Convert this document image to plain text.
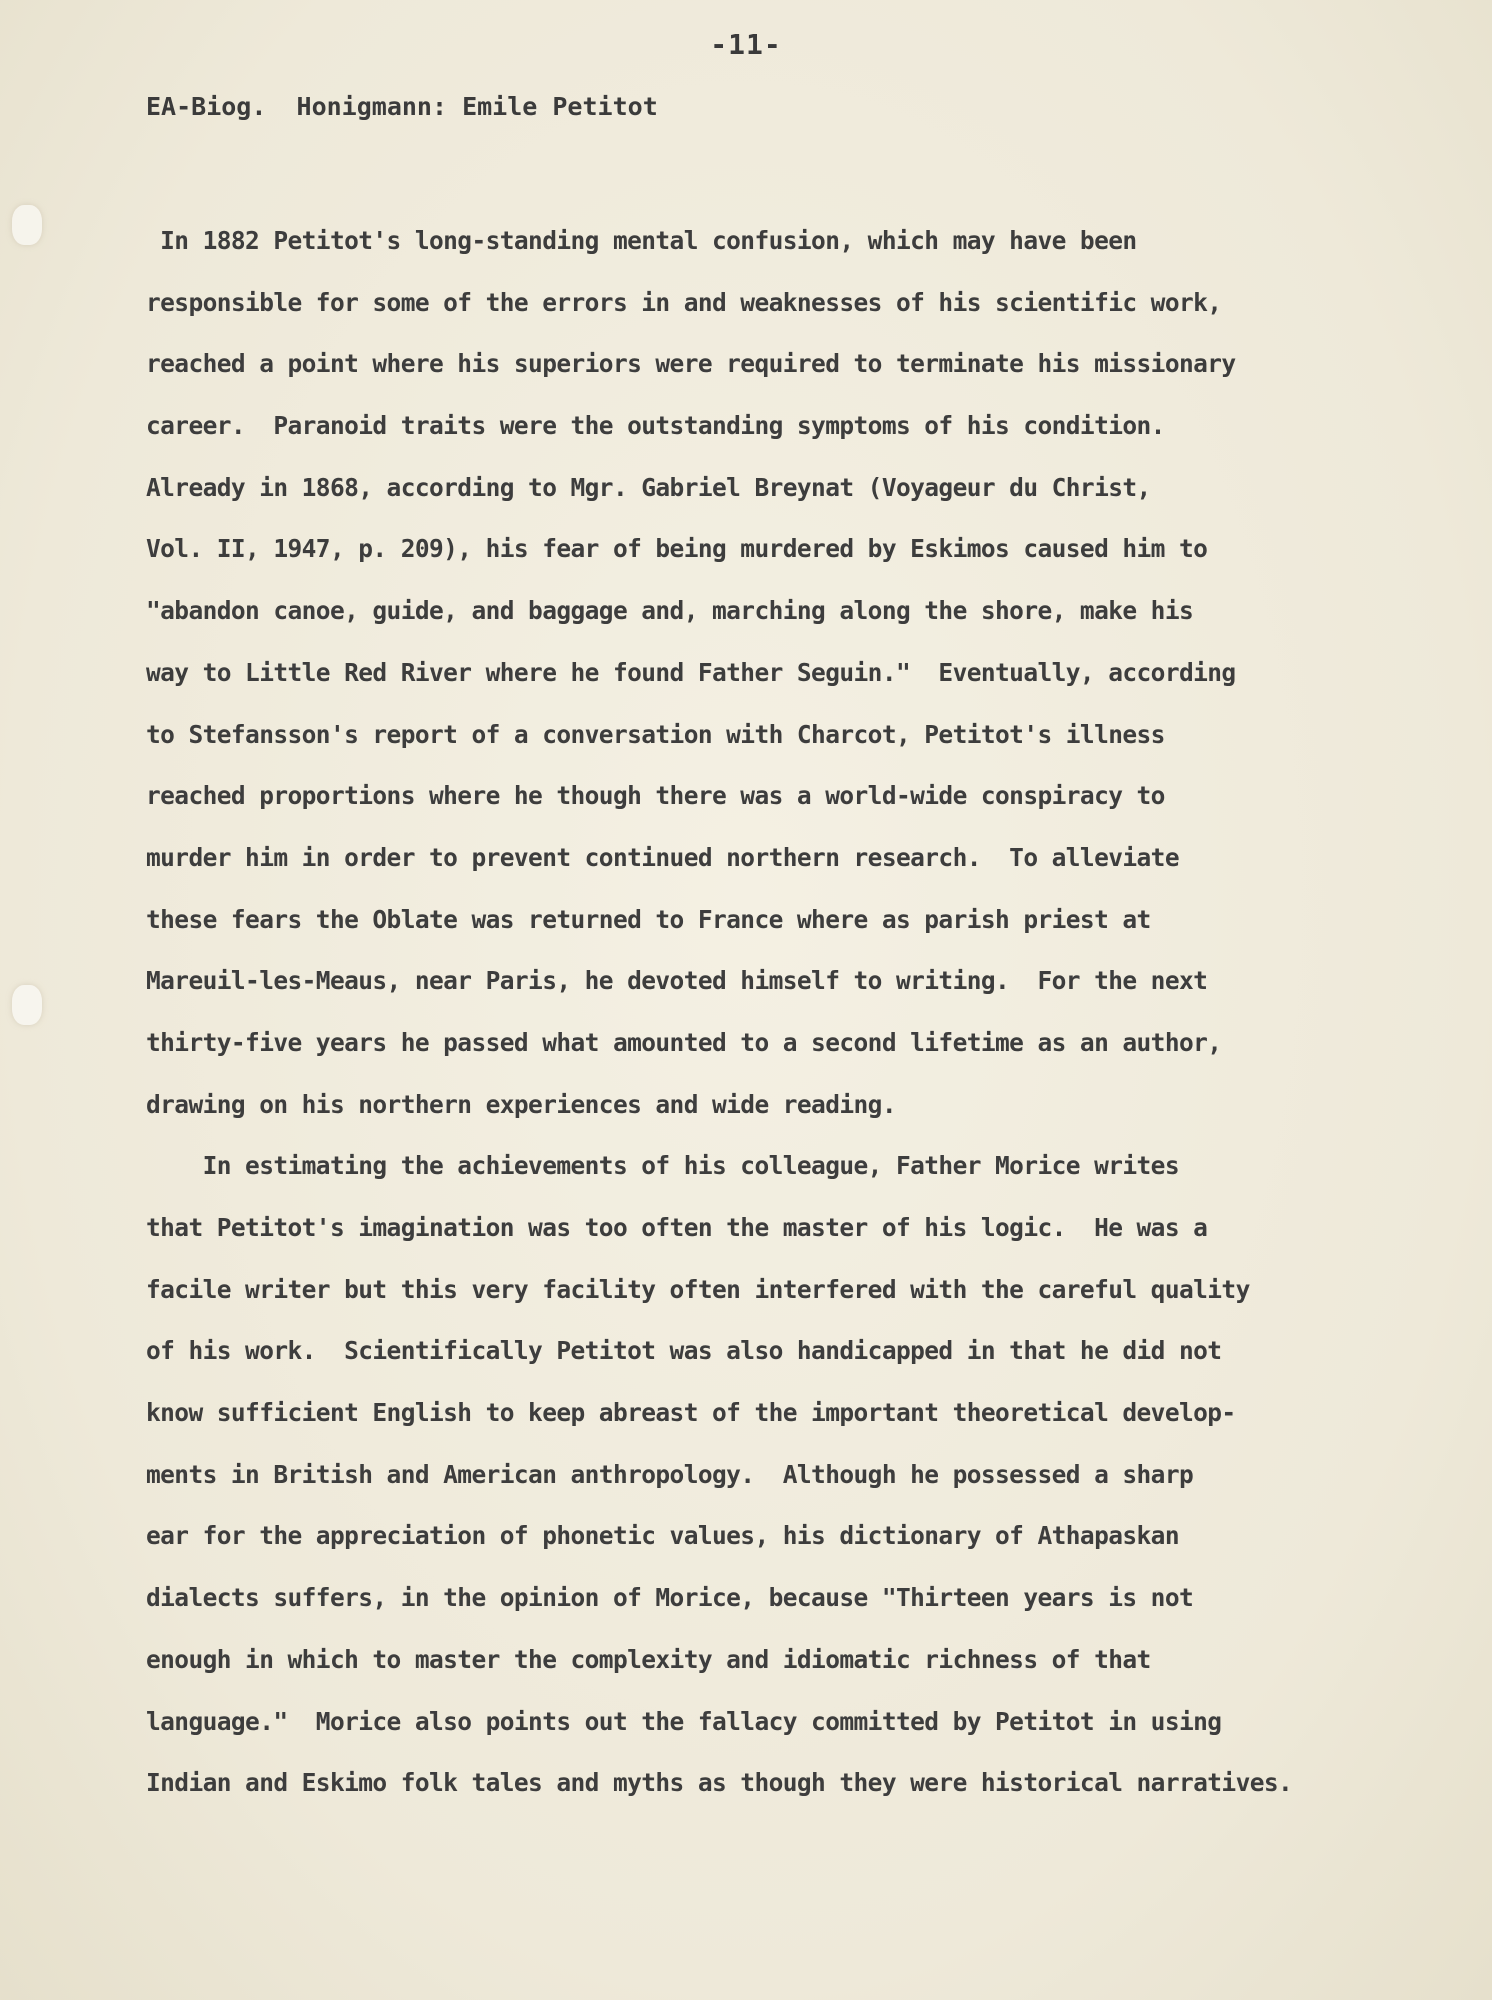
-11-
EA-Biog.  Honigmann: Emile Petitot
In 1882 Petitot's long-standing mental confusion, which may have been
responsible for some of the errors in and weaknesses of his scientific work,
reached a point where his superiors were required to terminate his missionary
career.  Paranoid traits were the outstanding symptoms of his condition.
Already in 1868, according to Mgr. Gabriel Breynat (Voyageur du Christ,
Vol. II, 1947, p. 209), his fear of being murdered by Eskimos caused him to
"abandon canoe, guide, and baggage and, marching along the shore, make his
way to Little Red River where he found Father Seguin."  Eventually, according
to Stefansson's report of a conversation with Charcot, Petitot's illness
reached proportions where he though there was a world-wide conspiracy to
murder him in order to prevent continued northern research.  To alleviate
these fears the Oblate was returned to France where as parish priest at
Mareuil-les-Meaus, near Paris, he devoted himself to writing.  For the next
thirty-five years he passed what amounted to a second lifetime as an author,
drawing on his northern experiences and wide reading.
In estimating the achievements of his colleague, Father Morice writes
that Petitot's imagination was too often the master of his logic.  He was a
facile writer but this very facility often interfered with the careful quality
of his work.  Scientifically Petitot was also handicapped in that he did not
know sufficient English to keep abreast of the important theoretical develop-
ments in British and American anthropology.  Although he possessed a sharp
ear for the appreciation of phonetic values, his dictionary of Athapaskan
dialects suffers, in the opinion of Morice, because "Thirteen years is not
enough in which to master the complexity and idiomatic richness of that
language."  Morice also points out the fallacy committed by Petitot in using
Indian and Eskimo folk tales and myths as though they were historical narratives.
